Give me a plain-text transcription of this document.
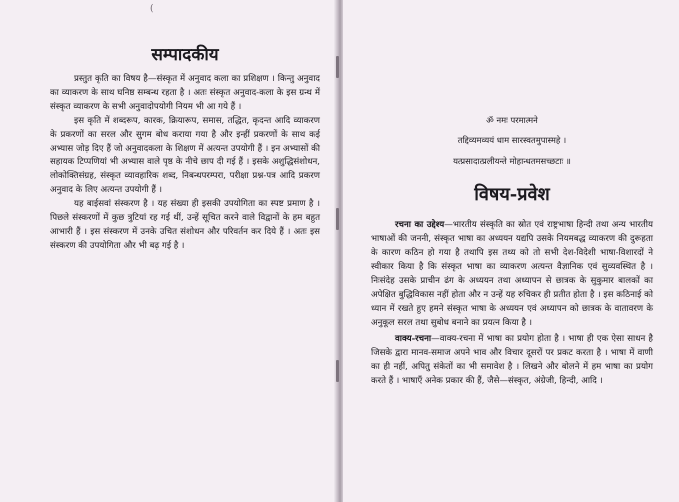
(
सम्पादकीय

प्रस्तुत कृति का विषय है—संस्कृत में अनुवाद कला का प्रशिक्षण । किन्तु अनुवाद का व्याकरण के साथ घनिष्ठ सम्बन्ध रहता है । अतः संस्कृत अनुवाद-कला के इस ग्रन्थ में संस्कृत व्याकरण के सभी अनुवादोपयोगी नियम भी आ गये हैं ।

इस कृति में शब्दरूप, कारक, क्रियारूप, समास, तद्धित, कृदन्त आदि व्याकरण के प्रकरणों का सरल और सुगम बोध कराया गया है और इन्हीं प्रकरणों के साथ कई अभ्यास जोड़ दिए हैं जो अनुवादकला के शिक्षण में अत्यन्त उपयोगी हैं । इन अभ्यासों की सहायक टिप्पणियां भी अभ्यास वाले पृष्ठ के नीचे छाप दी गई हैं । इसके अशुद्धिसंशोधन, लोकोक्तिसंग्रह, संस्कृत व्यावहारिक शब्द, निबन्धपरम्परा, परीक्षा प्रश्न-पत्र आदि प्रकरण अनुवाद के लिए अत्यन्त उपयोगी हैं ।

यह बाईसवां संस्करण है । यह संख्या ही इसकी उपयोगिता का स्पष्ट प्रमाण है । पिछले संस्करणों में कुछ त्रुटियां रह गई थीं, उन्हें सूचित करने वाले विद्वानों के हम बहुत आभारी हैं । इस संस्करण में उनके उचित संशोधन और परिवर्तन कर दिये हैं । अतः इस संस्करण की उपयोगिता और भी बढ़ गई है ।

ॐ नमः परमात्मने

तद्दिव्यमव्ययं धाम सारस्वतमुपास्महे ।

यत्प्रसादात्प्रलीयन्ते मोहान्धतमसच्छटाः ॥

विषय-प्रवेश

रचना का उद्देश्य—भारतीय संस्कृति का स्रोत एवं राष्ट्रभाषा हिन्दी तथा अन्य भारतीय भाषाओं की जननी, संस्कृत भाषा का अध्ययन यद्यपि उसके नियमबद्ध व्याकरण की दुरूहता के कारण कठिन हो गया है तथापि इस तथ्य को तो सभी देश-विदेशी भाषा-विशारदों ने स्वीकार किया है कि संस्कृत भाषा का व्याकरण अत्यन्त वैज्ञानिक एवं सुव्यवस्थित है । निःसंदेह उसके प्राचीन ढंग के अध्ययन तथा अध्यापन से छात्रक के सुकुमार बालकों का अपेक्षित बुद्धिविकास नहीं होता और न उन्हें यह रुचिकर ही प्रतीत होता है । इस कठिनाई को ध्यान में रखते हुए हमने संस्कृत भाषा के अध्ययन एवं अध्यापन को छात्रक के वातावरण के अनुकूल सरल तथा सुबोध बनाने का प्रयत्न किया है ।

वाक्य-रचना—वाक्य-रचना में भाषा का प्रयोग होता है । भाषा ही एक ऐसा साधन है जिसके द्वारा मानव-समाज अपने भाव और विचार दूसरों पर प्रकट करता है । भाषा में वाणी का ही नहीं, अपितु संकेतों का भी समावेश है । लिखने और बोलने में हम भाषा का प्रयोग करते हैं । भाषाएँ अनेक प्रकार की हैं, जैसे—संस्कृत, अंग्रेजी, हिन्दी, आदि ।
